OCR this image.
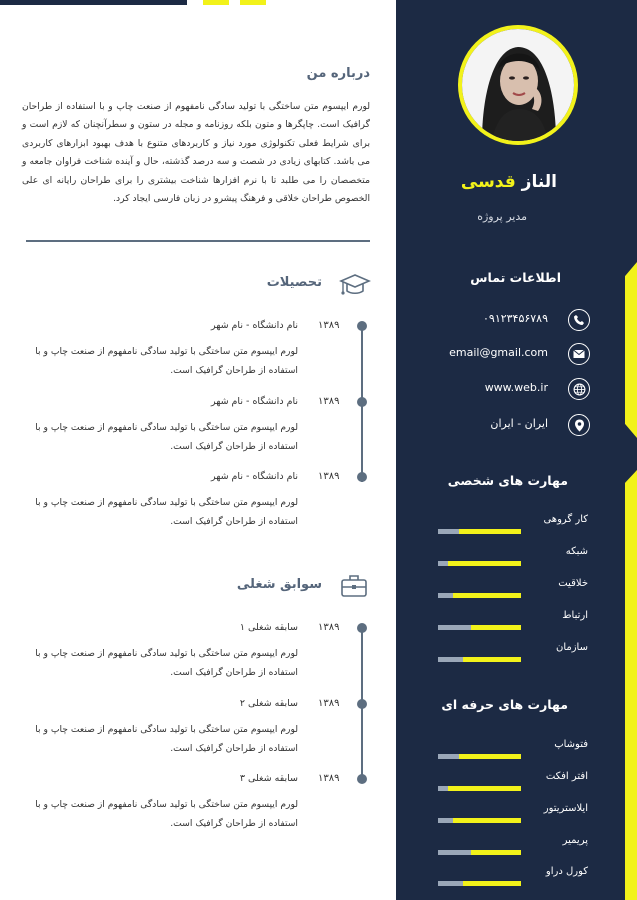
الناز قدسی
مدیر پروژه
اطلاعات تماس
۰۹۱۲۳۴۵۶۷۸۹
email@gmail.com
www.web.ir
ایران - ایران
مهارت های شخصی
کار گروهی
شبکه
خلاقیت
ارتباط
سازمان
مهارت های حرفه ای
فتوشاپ
افتر افکت
ایلاستریتور
پریمیر
کورل دراو
درباره من
لورم ایپسوم متن ساختگی با تولید سادگی نامفهوم از صنعت چاپ و با استفاده از طراحان گرافیک است. چاپگرها و متون بلکه روزنامه و مجله در ستون و سطرآنچنان که لازم است و برای شرایط فعلی تکنولوژی مورد نیاز و کاربردهای متنوع با هدف بهبود ابزارهای کاربردی می باشد. کتابهای زیادی در شصت و سه درصد گذشته، حال و آینده شناخت فراوان جامعه و متخصصان را می طلبد تا با نرم افزارها شناخت بیشتری را برای طراحان رایانه ای علی الخصوص طراحان خلاقی و فرهنگ پیشرو در زبان فارسی ایجاد کرد.
تحصیلات
۱۳۸۹
نام دانشگاه - نام شهر
لورم ایپسوم متن ساختگی با تولید سادگی نامفهوم از صنعت چاپ و با استفاده از طراحان گرافیک است.
۱۳۸۹
نام دانشگاه - نام شهر
لورم ایپسوم متن ساختگی با تولید سادگی نامفهوم از صنعت چاپ و با استفاده از طراحان گرافیک است.
۱۳۸۹
نام دانشگاه - نام شهر
لورم ایپسوم متن ساختگی با تولید سادگی نامفهوم از صنعت چاپ و با استفاده از طراحان گرافیک است.
سوابق شغلی
۱۳۸۹
سابقه شغلی ۱
لورم ایپسوم متن ساختگی با تولید سادگی نامفهوم از صنعت چاپ و با استفاده از طراحان گرافیک است.
۱۳۸۹
سابقه شغلی ۲
لورم ایپسوم متن ساختگی با تولید سادگی نامفهوم از صنعت چاپ و با استفاده از طراحان گرافیک است.
۱۳۸۹
سابقه شغلی ۳
لورم ایپسوم متن ساختگی با تولید سادگی نامفهوم از صنعت چاپ و با استفاده از طراحان گرافیک است.
